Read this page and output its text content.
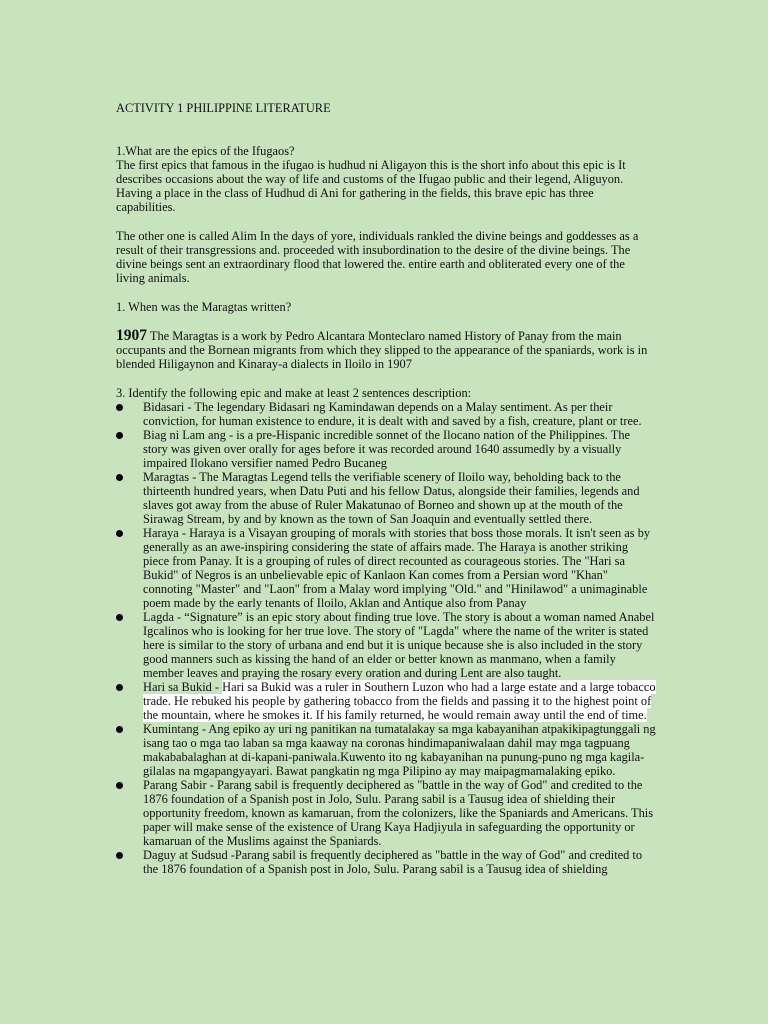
ACTIVITY 1 PHILIPPINE LITERATURE

1.What are the epics of the Ifugaos?

The first epics that famous in the ifugao is hudhud ni Aligayon this is the short info about this epic is It describes occasions about the way of life and customs of the Ifugao public and their legend, Aliguyon. Having a place in the class of Hudhud di Ani for gathering in the fields, this brave epic has three capabilities.

The other one is called Alim In the days of yore, individuals rankled the divine beings and goddesses as a result of their transgressions and. proceeded with insubordination to the desire of the divine beings. The divine beings sent an extraordinary flood that lowered the. entire earth and obliterated every one of the living animals.

1. When was the Maragtas written?

1907 The Maragtas is a work by Pedro Alcantara Monteclaro named History of Panay from the main occupants and the Bornean migrants from which they slipped to the appearance of the spaniards, work is in blended Hiligaynon and Kinaray-a dialects in Iloilo in 1907

3. Identify the following epic and make at least 2 sentences description:

Bidasari - The legendary Bidasari ng Kamindawan depends on a Malay sentiment. As per their conviction, for human existence to endure, it is dealt with and saved by a fish, creature, plant or tree.
Biag ni Lam ang - is a pre-Hispanic incredible sonnet of the Ilocano nation of the Philippines. The story was given over orally for ages before it was recorded around 1640 assumedly by a visually impaired Ilokano versifier named Pedro Bucaneg
Maragtas - The Maragtas Legend tells the verifiable scenery of Iloilo way, beholding back to the thirteenth hundred years, when Datu Puti and his fellow Datus, alongside their families, legends and slaves got away from the abuse of Ruler Makatunao of Borneo and shown up at the mouth of the Sirawag Stream, by and by known as the town of San Joaquin and eventually settled there.
Haraya - Haraya is a Visayan grouping of morals with stories that boss those morals. It isn't seen as by generally as an awe-inspiring considering the state of affairs made. The Haraya is another striking piece from Panay. It is a grouping of rules of direct recounted as courageous stories. The "Hari sa Bukid" of Negros is an unbelievable epic of Kanlaon Kan comes from a Persian word "Khan" connoting "Master" and "Laon" from a Malay word implying "Old." and "Hinilawod" a unimaginable poem made by the early tenants of Iloilo, Aklan and Antique also from Panay
Lagda - “Signature” is an epic story about finding true love. The story is about a woman named Anabel Igcalinos who is looking for her true love. The story of "Lagda" where the name of the writer is stated here is similar to the story of urbana and end but it is unique because she is also included in the story good manners such as kissing the hand of an elder or better known as manmano, when a family member leaves and praying the rosary every oration and during Lent are also taught.
Hari sa Bukid - Hari sa Bukid was a ruler in Southern Luzon who had a large estate and a large tobacco trade. He rebuked his people by gathering tobacco from the fields and passing it to the highest point of the mountain, where he smokes it. If his family returned, he would remain away until the end of time.
Kumintang - Ang epiko ay uri ng panitikan na tumatalakay sa mga kabayanihan atpakikipagtunggali ng isang tao o mga tao laban sa mga kaaway na coronas hindimapaniwalaan dahil may mga tagpuang makababalaghan at di-kapani-paniwala.Kuwento ito ng kabayanihan na punung-puno ng mga kagila-gilalas na mgapangyayari. Bawat pangkatin ng mga Pilipino ay may maipagmamalaking epiko.
Parang Sabir - Parang sabil is frequently deciphered as "battle in the way of God" and credited to the 1876 foundation of a Spanish post in Jolo, Sulu. Parang sabil is a Tausug idea of shielding their opportunity freedom, known as kamaruan, from the colonizers, like the Spaniards and Americans. This paper will make sense of the existence of Urang Kaya Hadjiyula in safeguarding the opportunity or kamaruan of the Muslims against the Spaniards.
Daguy at Sudsud -Parang sabil is frequently deciphered as "battle in the way of God" and credited to the 1876 foundation of a Spanish post in Jolo, Sulu. Parang sabil is a Tausug idea of shielding
